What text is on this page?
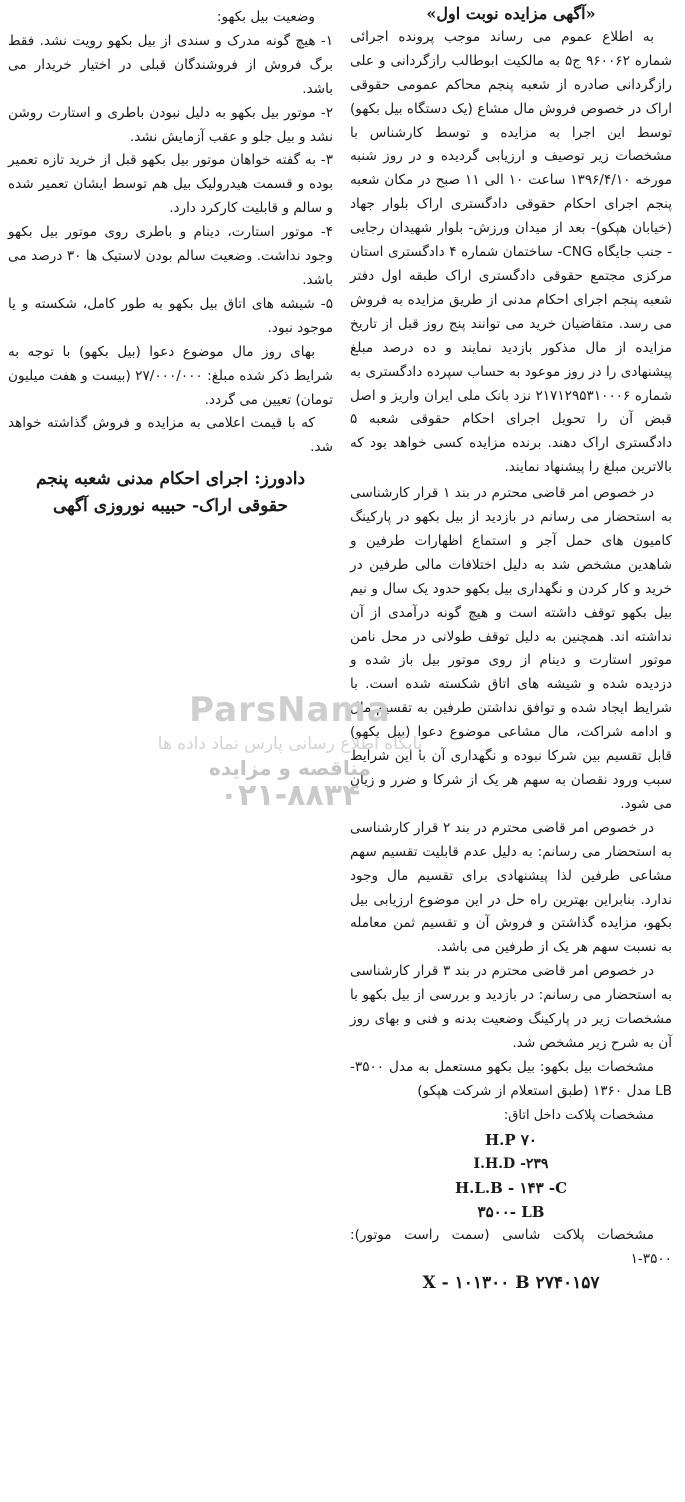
«آگهی مزایده نوبت اول»

به اطلاع عموم می رساند موجب پرونده اجرائی شماره ۹۶۰۰۶۲ ج۵ به مالکیت ابوطالب رازگردانی و علی رازگردانی صادره از شعبه پنجم محاکم عمومی حقوقی اراک در خصوص فروش مال مشاع (یک دستگاه بیل بکهو) توسط این اجرا به مزایده و توسط کارشناس با مشخصات زیر توصیف و ارزیابی گردیده و در روز شنبه مورخه ۱۳۹۶/۴/۱۰ ساعت ۱۰ الی ۱۱ صبح در مکان شعبه پنجم اجرای احکام حقوقی دادگستری اراک بلوار جهاد (خیابان هپکو)- بعد از میدان ورزش- بلوار شهیدان رجایی - جنب جایگاه CNG- ساختمان شماره ۴ دادگستری استان مرکزی مجتمع حقوقی دادگستری اراک طبقه اول دفتر شعبه پنجم اجرای احکام مدنی از طریق مزایده به فروش می رسد. متقاضیان خرید می توانند پنج روز قبل از تاریخ مزایده از مال مذکور بازدید نمایند و ده درصد مبلغ پیشنهادی را در روز موعود به حساب سپرده دادگستری به شماره ۲۱۷۱۲۹۵۳۱۰۰۰۶ نزد بانک ملی ایران واریز و اصل قبض آن را تحویل اجرای احکام حقوقی شعبه ۵ دادگستری اراک دهند. برنده مزایده کسی خواهد بود که بالاترین مبلغ را پیشنهاد نمایند.

در خصوص امر قاضی محترم در بند ۱ قرار کارشناسی به استحضار می رسانم در بازدید از بیل بکهو در پارکینگ کامیون های حمل آجر و استماع اظهارات طرفین و شاهدین مشخص شد به دلیل اختلافات مالی طرفین در خرید و کار کردن و نگهداری بیل بکهو حدود یک سال و نیم بیل بکهو توقف داشته است و هیچ گونه درآمدی از آن نداشته اند. همچنین به دلیل توقف طولانی در محل نامن موتور استارت و دینام از روی موتور بیل باز شده و دزدیده شده و شیشه های اتاق شکسته شده است. با شرایط ایجاد شده و توافق نداشتن طرفین به تقسیم مال و ادامه شراکت، مال مشاعی موضوع دعوا (بیل بکهو) قابل تقسیم بین شرکا نبوده و نگهداری آن با این شرایط سبب ورود نقصان به سهم هر یک از شرکا و ضرر و زیان می شود.

در خصوص امر قاضی محترم در بند ۲ قرار کارشناسی به استحضار می رسانم: به دلیل عدم قابلیت تقسیم سهم مشاعی طرفین لذا پیشنهادی برای تقسیم مال وجود ندارد. بنابراین بهترین راه حل در این موضوع ارزیابی بیل بکهو، مزایده گذاشتن و فروش آن و تقسیم ثمن معامله به نسبت سهم هر یک از طرفین می باشد.

در خصوص امر قاضی محترم در بند ۳ قرار کارشناسی به استحضار می رسانم: در بازدید و بررسی از بیل بکهو با مشخصات زیر در پارکینگ وضعیت بدنه و فنی و بهای روز آن به شرح زیر مشخص شد.

مشخصات بیل بکهو: بیل بکهو مستعمل به مدل ۳۵۰۰-LB مدل ۱۳۶۰ (طبق استعلام از شرکت هپکو)

مشخصات پلاکت داخل اتاق:

H.P ۷۰

I.H.D -۲۳۹

H.L.B - ۱۴۳ -C

۳۵۰۰- LB

مشخصات پلاکت شاسی (سمت راست موتور): ۳۵۰۰-۱

X - ۱۰۱۳۰۰ B ۲۷۴۰۱۵۷

وضعیت بیل بکهو:

۱- هیچ گونه مدرک و سندی از بیل بکهو رویت نشد. فقط برگ فروش از فروشندگان قبلی در اختیار خریدار می باشد.

۲- موتور بیل بکهو به دلیل نبودن باطری و استارت روشن نشد و بیل جلو و عقب آزمایش نشد.

۳- به گفته خواهان موتور بیل بکهو قبل از خرید تازه تعمیر بوده و قسمت هیدرولیک بیل هم توسط ایشان تعمیر شده و سالم و قابلیت کارکرد دارد.

۴- موتور استارت، دینام و باطری روی موتور بیل بکهو وجود نداشت. وضعیت سالم بودن لاستیک ها ۳۰ درصد می باشد.

۵- شیشه های اتاق بیل بکهو به طور کامل، شکسته و یا موجود نبود.

بهای روز مال موضوع دعوا (بیل بکهو) با توجه به شرایط ذکر شده مبلغ: ۲۷/۰۰۰/۰۰۰ (بیست و هفت میلیون تومان) تعیین می گردد.

که با قیمت اعلامی به مزایده و فروش گذاشته خواهد شد.

دادورز: اجرای احکام مدنی شعبه پنجم حقوقی اراک- حبیبه نوروزی آگهی
ParsNama
پایگاه اطلاع رسانی پارس نماد داده ها
مناقصه و مزایده
۰۲۱-۸۸۳۴
